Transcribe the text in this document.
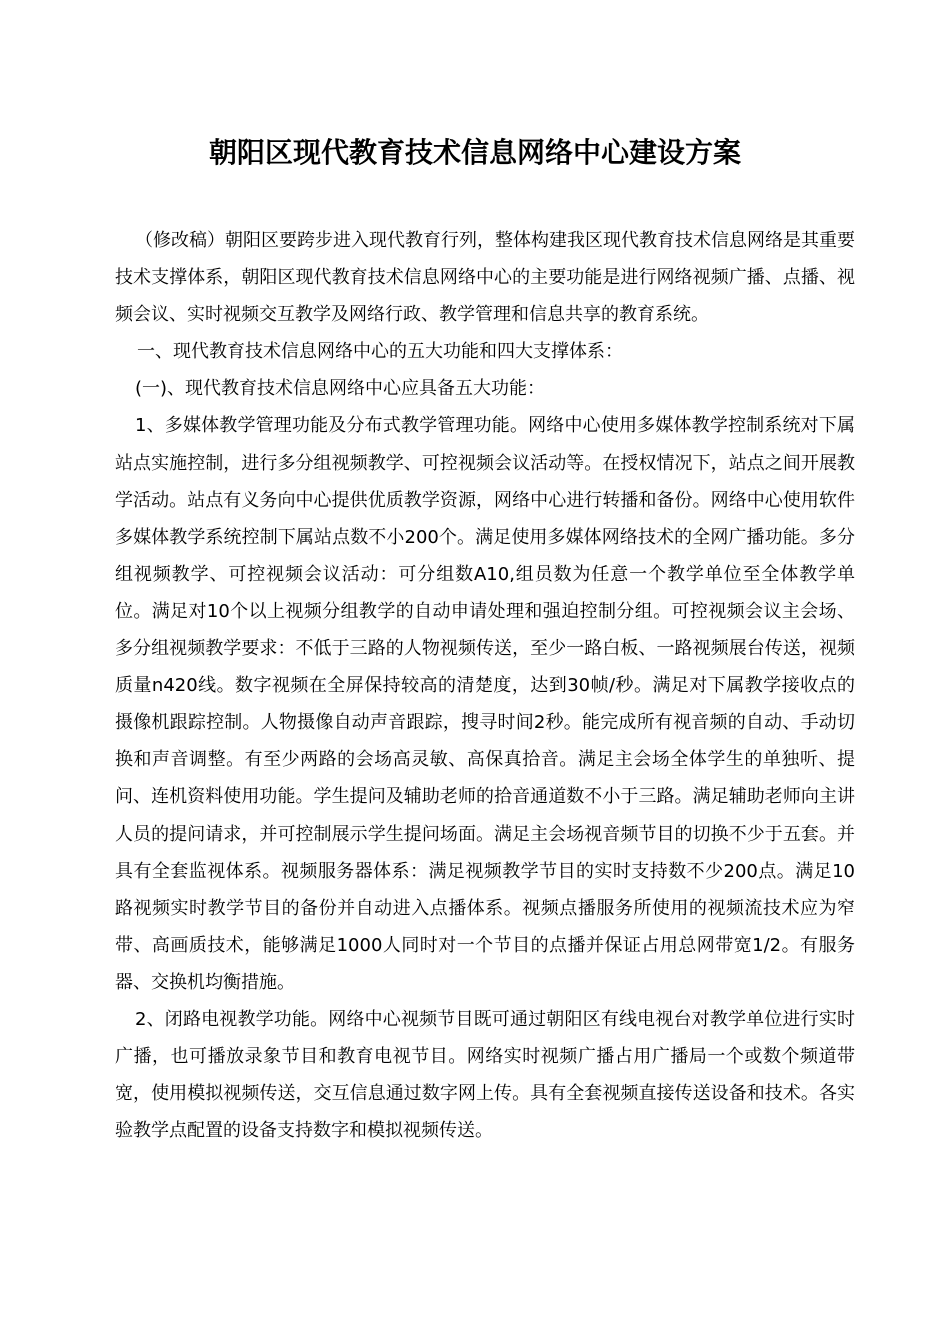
朝阳区现代教育技术信息网络中心建设方案

（修改稿）朝阳区要跨步进入现代教育行列，整体构建我区现代教育技术信息网络是其重要技术支撑体系，朝阳区现代教育技术信息网络中心的主要功能是进行网络视频广播、点播、视频会议、实时视频交互教学及网络行政、教学管理和信息共享的教育系统。

一、现代教育技术信息网络中心的五大功能和四大支撑体系：

(一)、现代教育技术信息网络中心应具备五大功能：

1、多媒体教学管理功能及分布式教学管理功能。网络中心使用多媒体教学控制系统对下属站点实施控制，进行多分组视频教学、可控视频会议活动等。在授权情况下，站点之间开展教学活动。站点有义务向中心提供优质教学资源，网络中心进行转播和备份。网络中心使用软件多媒体教学系统控制下属站点数不小200个。满足使用多媒体网络技术的全网广播功能。多分组视频教学、可控视频会议活动：可分组数A10,组员数为任意一个教学单位至全体教学单位。满足对10个以上视频分组教学的自动申请处理和强迫控制分组。可控视频会议主会场、多分组视频教学要求：不低于三路的人物视频传送，至少一路白板、一路视频展台传送，视频质量n420线。数字视频在全屏保持较高的清楚度，达到30帧/秒。满足对下属教学接收点的摄像机跟踪控制。人物摄像自动声音跟踪，搜寻时间2秒。能完成所有视音频的自动、手动切换和声音调整。有至少两路的会场高灵敏、高保真拾音。满足主会场全体学生的单独听、提问、连机资料使用功能。学生提问及辅助老师的拾音通道数不小于三路。满足辅助老师向主讲人员的提问请求，并可控制展示学生提问场面。满足主会场视音频节目的切换不少于五套。并具有全套监视体系。视频服务器体系：满足视频教学节目的实时支持数不少200点。满足10路视频实时教学节目的备份并自动进入点播体系。视频点播服务所使用的视频流技术应为窄带、高画质技术，能够满足1000人同时对一个节目的点播并保证占用总网带宽1/2。有服务器、交换机均衡措施。

2、闭路电视教学功能。网络中心视频节目既可通过朝阳区有线电视台对教学单位进行实时广播，也可播放录象节目和教育电视节目。网络实时视频广播占用广播局一个或数个频道带宽，使用模拟视频传送，交互信息通过数字网上传。具有全套视频直接传送设备和技术。各实验教学点配置的设备支持数字和模拟视频传送。
